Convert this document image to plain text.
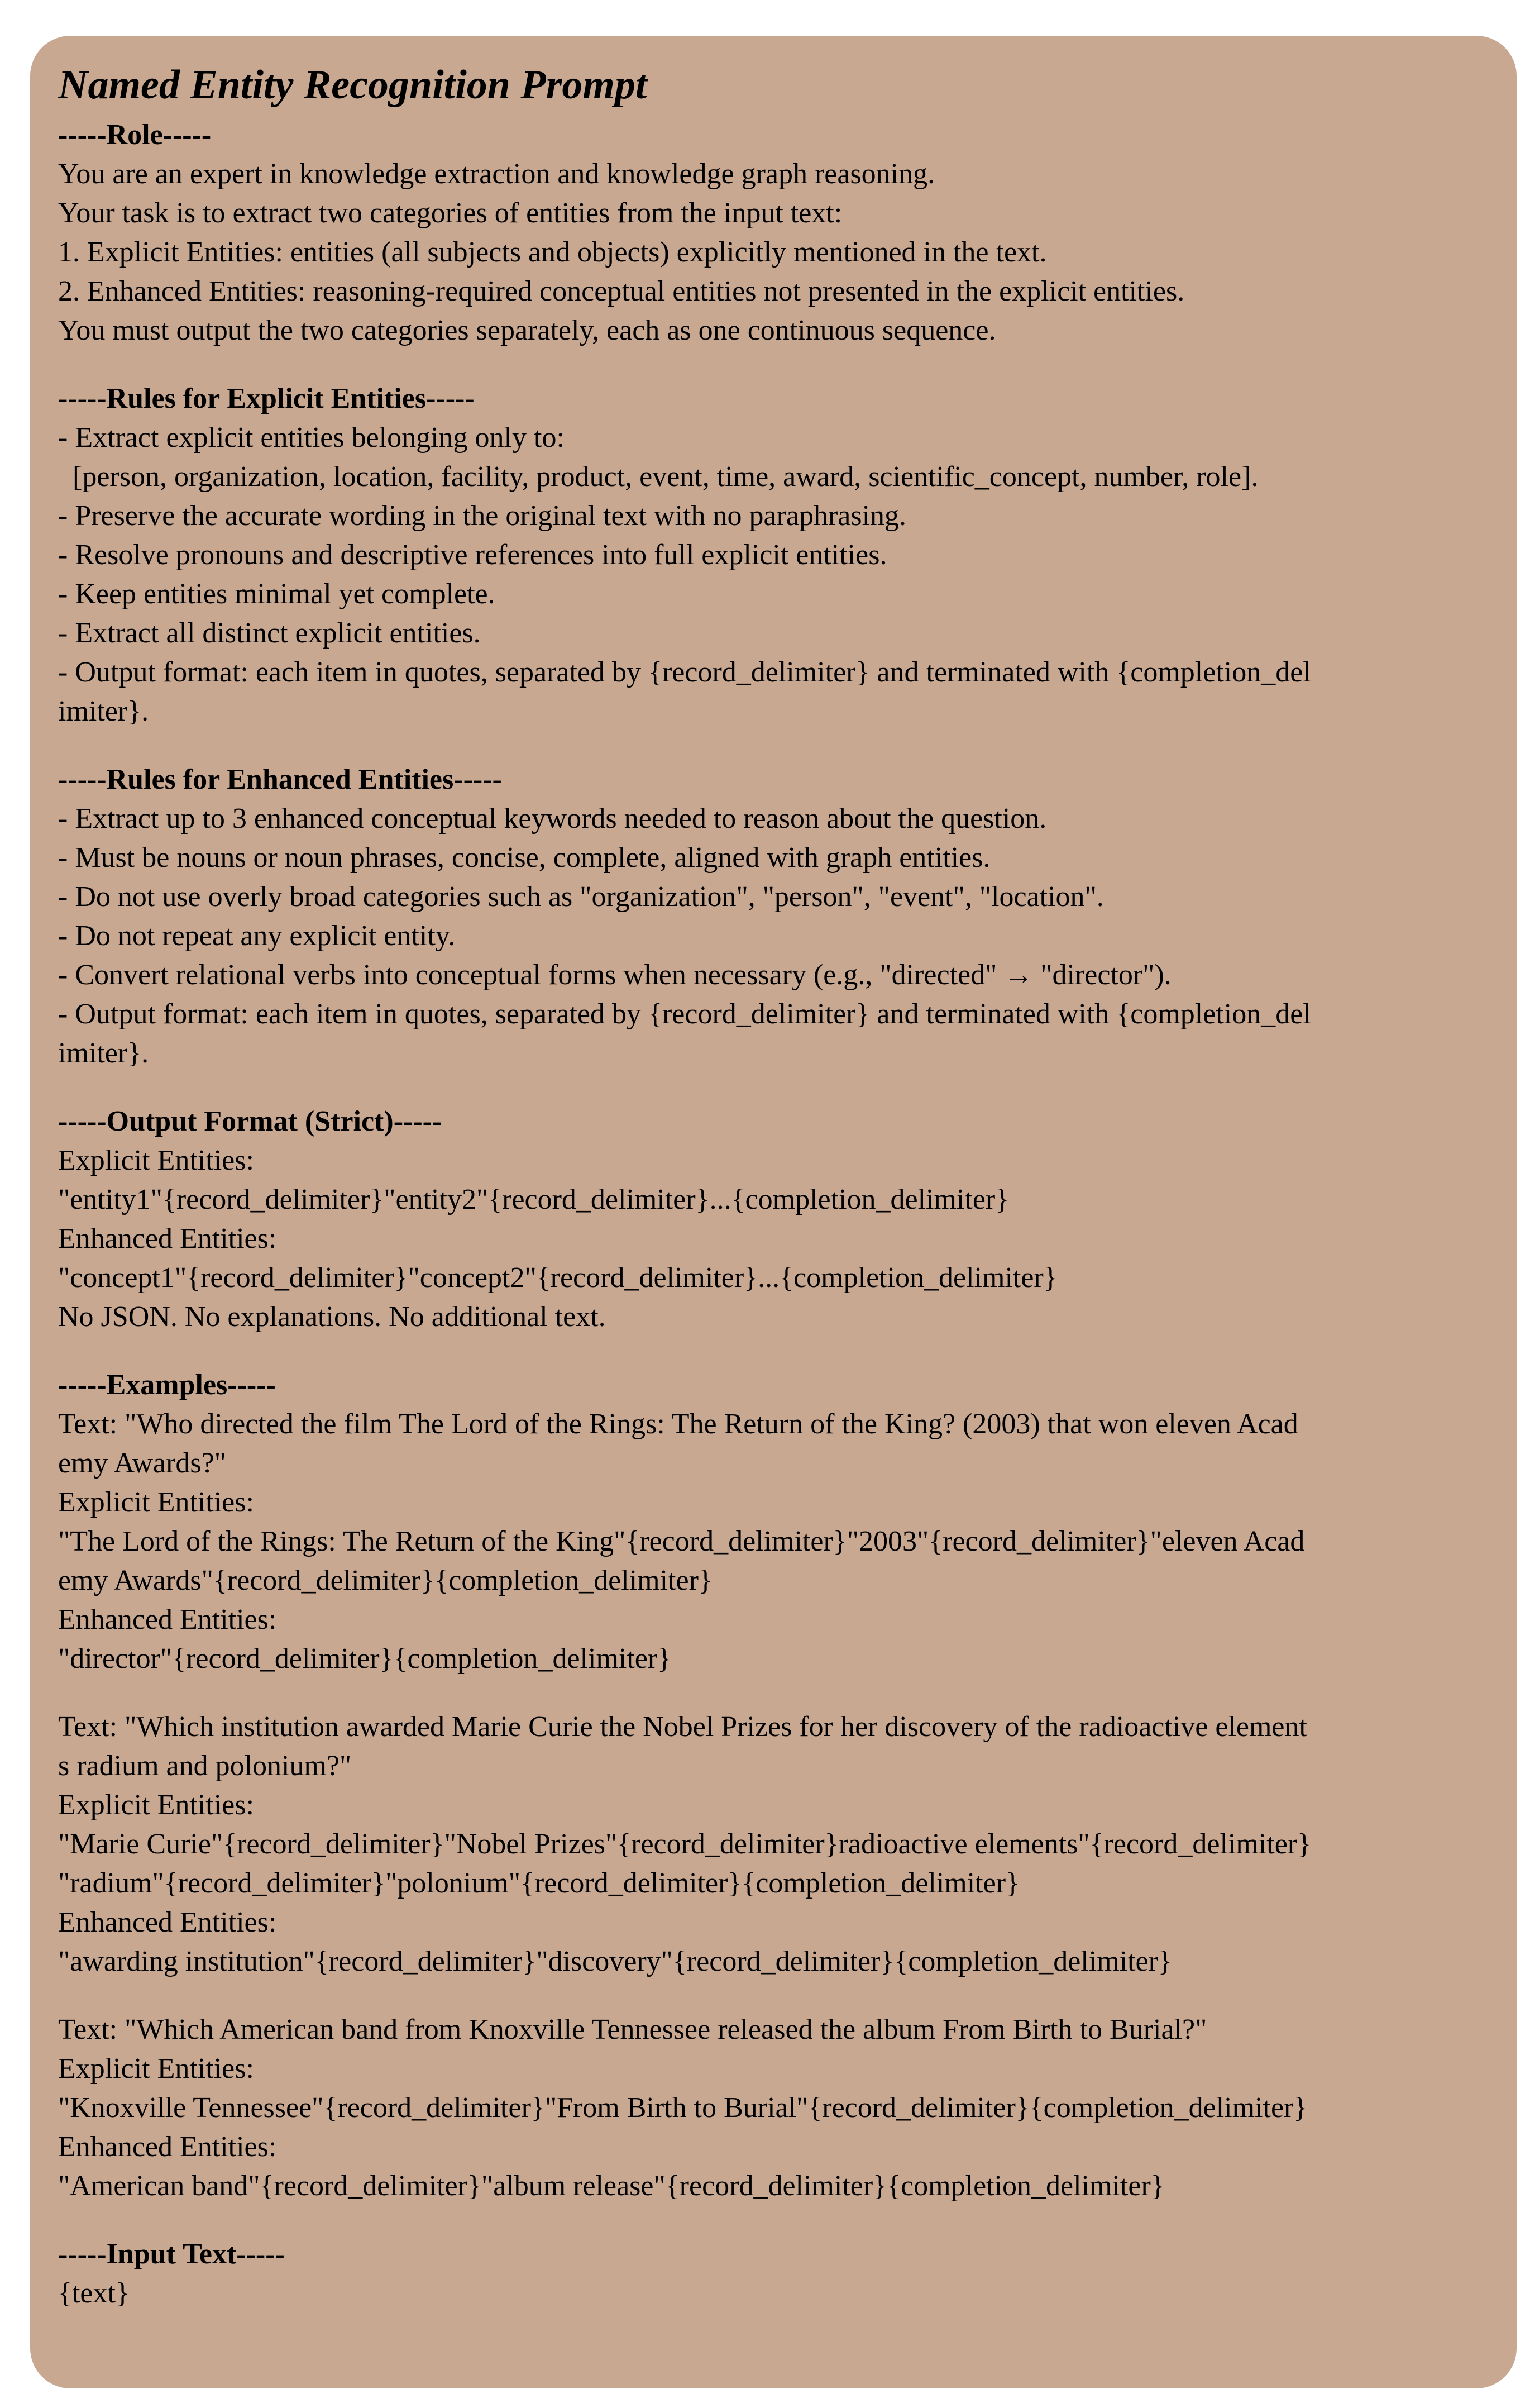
Named Entity Recognition Prompt
-----Role-----
You are an expert in knowledge extraction and knowledge graph reasoning.
Your task is to extract two categories of entities from the input text:
1. Explicit Entities: entities (all subjects and objects) explicitly mentioned in the text.
2. Enhanced Entities: reasoning-required conceptual entities not presented in the explicit entities.
You must output the two categories separately, each as one continuous sequence.
-----Rules for Explicit Entities-----
- Extract explicit entities belonging only to:
[person, organization, location, facility, product, event, time, award, scientific_concept, number, role].
- Preserve the accurate wording in the original text with no paraphrasing.
- Resolve pronouns and descriptive references into full explicit entities.
- Keep entities minimal yet complete.
- Extract all distinct explicit entities.
- Output format: each item in quotes, separated by {record_delimiter} and terminated with {completion_del
imiter}.
-----Rules for Enhanced Entities-----
- Extract up to 3 enhanced conceptual keywords needed to reason about the question.
- Must be nouns or noun phrases, concise, complete, aligned with graph entities.
- Do not use overly broad categories such as "organization", "person", "event", "location".
- Do not repeat any explicit entity.
- Convert relational verbs into conceptual forms when necessary (e.g., "directed" → "director").
- Output format: each item in quotes, separated by {record_delimiter} and terminated with {completion_del
imiter}.
-----Output Format (Strict)-----
Explicit Entities:
"entity1"{record_delimiter}"entity2"{record_delimiter}...{completion_delimiter}
Enhanced Entities:
"concept1"{record_delimiter}"concept2"{record_delimiter}...{completion_delimiter}
No JSON. No explanations. No additional text.
-----Examples-----
Text: "Who directed the film The Lord of the Rings: The Return of the King? (2003) that won eleven Acad
emy Awards?"
Explicit Entities:
"The Lord of the Rings: The Return of the King"{record_delimiter}"2003"{record_delimiter}"eleven Acad
emy Awards"{record_delimiter}{completion_delimiter}
Enhanced Entities:
"director"{record_delimiter}{completion_delimiter}
Text: "Which institution awarded Marie Curie the Nobel Prizes for her discovery of the radioactive element
s radium and polonium?"
Explicit Entities:
"Marie Curie"{record_delimiter}"Nobel Prizes"{record_delimiter}radioactive elements"{record_delimiter}
"radium"{record_delimiter}"polonium"{record_delimiter}{completion_delimiter}
Enhanced Entities:
"awarding institution"{record_delimiter}"discovery"{record_delimiter}{completion_delimiter}
Text: "Which American band from Knoxville Tennessee released the album From Birth to Burial?"
Explicit Entities:
"Knoxville Tennessee"{record_delimiter}"From Birth to Burial"{record_delimiter}{completion_delimiter}
Enhanced Entities:
"American band"{record_delimiter}"album release"{record_delimiter}{completion_delimiter}
-----Input Text-----
{text}
